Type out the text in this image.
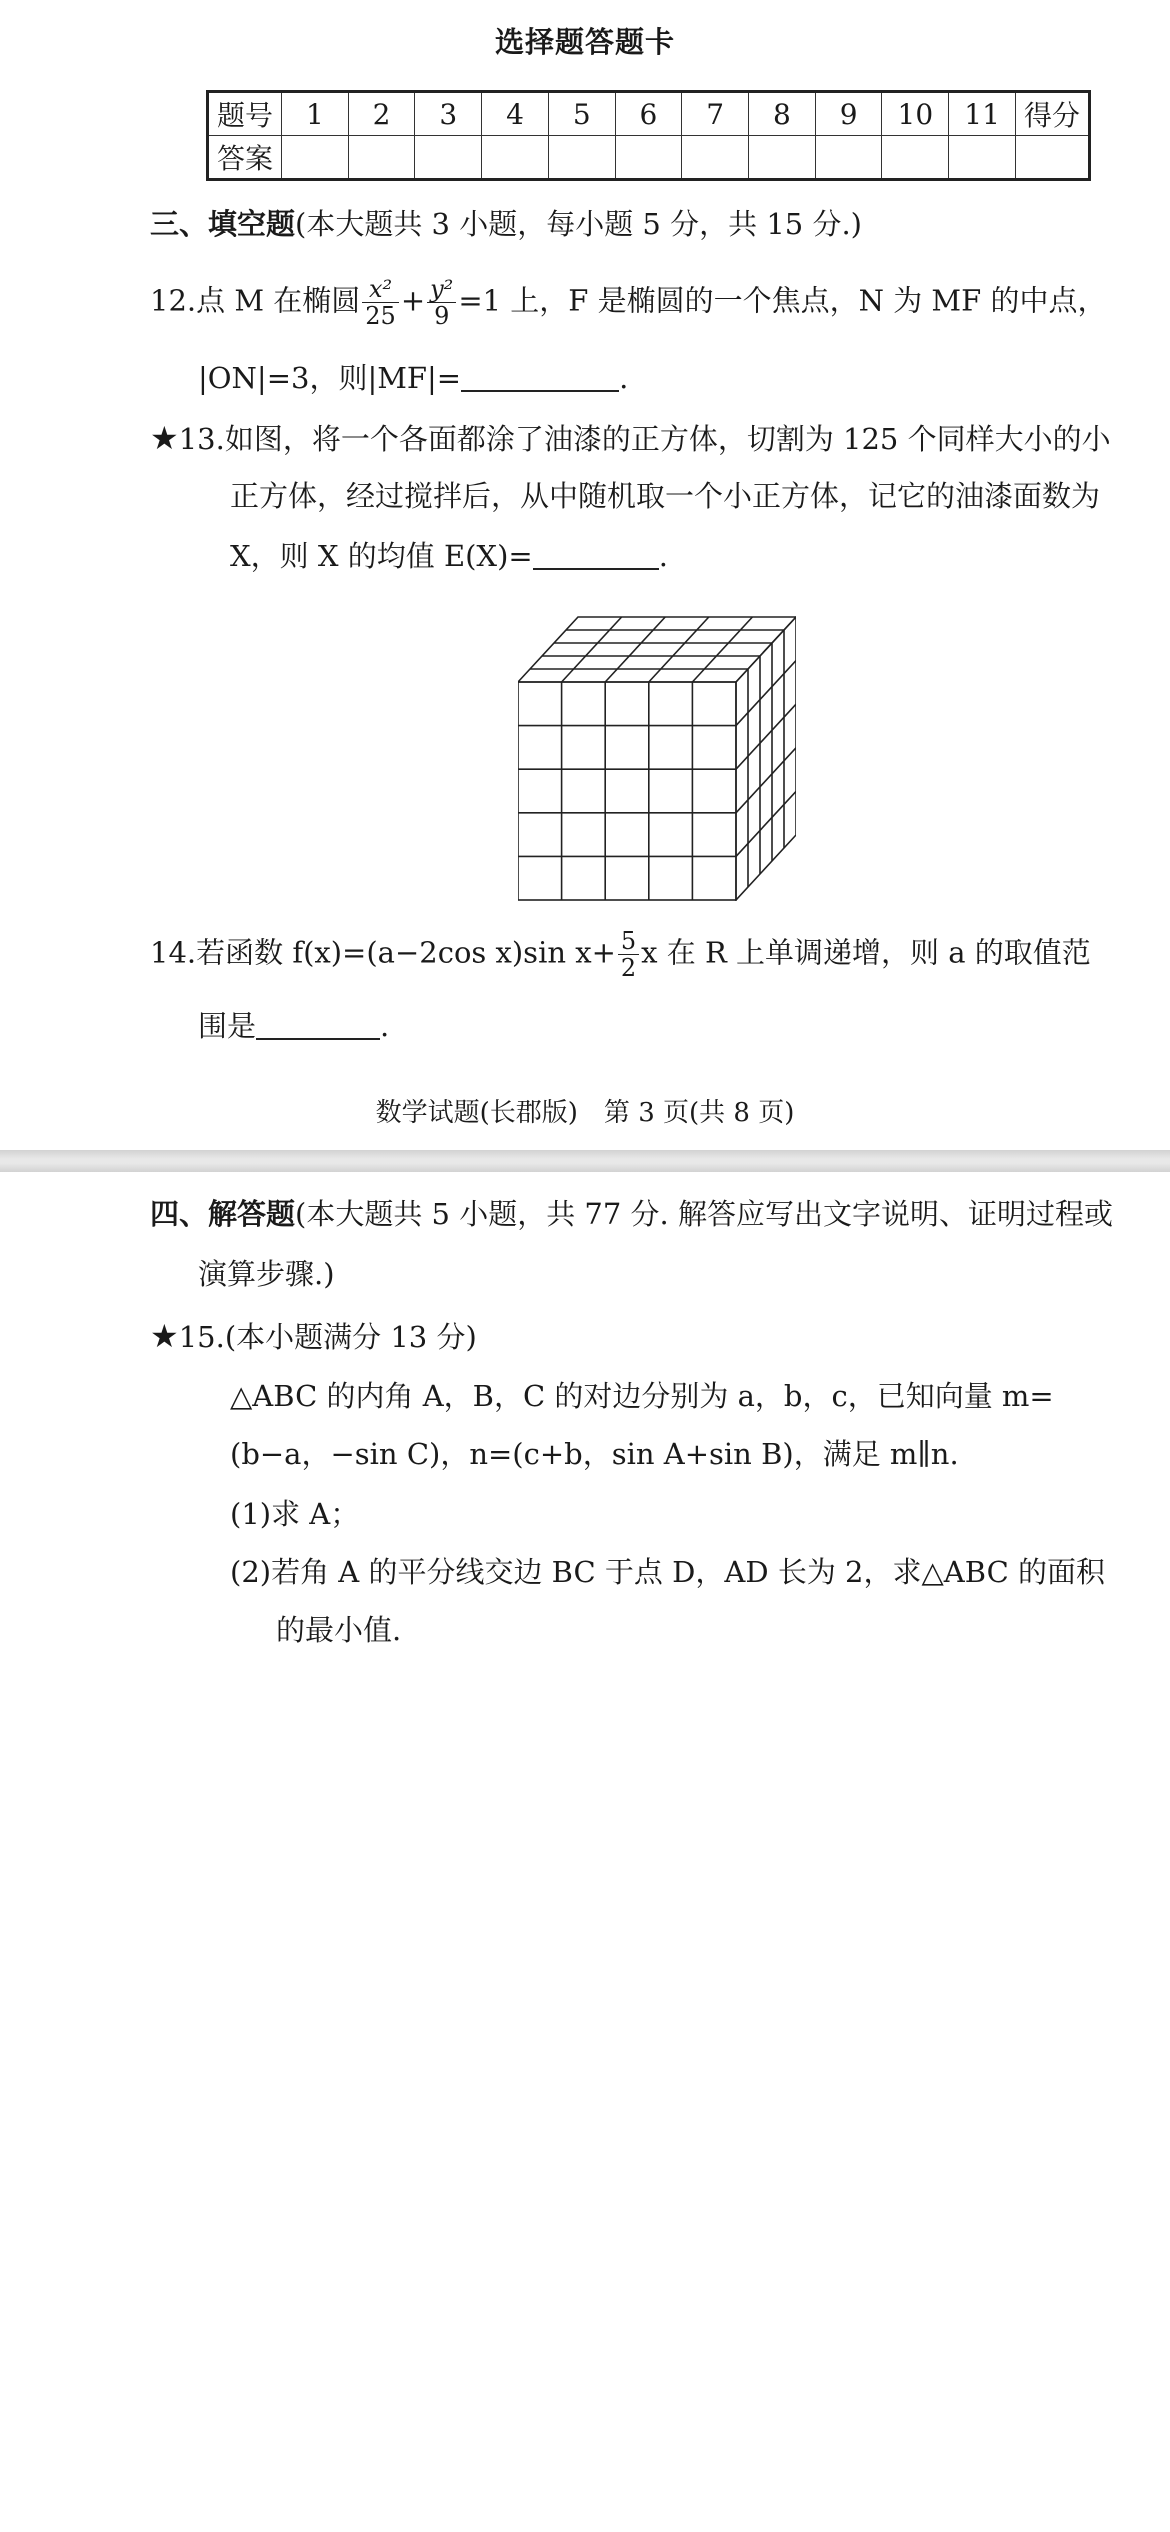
选择题答题卡
题号	1	2	3	4	5	6	7	8	9	10	11	得分
答案												
三、填空题(本大题共 3 小题，每小题 5 分，共 15 分.)
12.点 M 在椭圆 $\frac{\text{x²}}{25} + \frac{\text{y²}}{9} =1$ 上，F 是椭圆的一个焦点，N 为 MF 的中点，
|ON|=3，则|MF|=	.
★13.如图，将一个各面都涂了油漆的正方体，切割为 125 个同样大小的小
正方体，经过搅拌后，从中随机取一个小正方体，记它的油漆面数为
X，则 X 的均值 E(X)=	.
14.若函数 f(x)=(a−2cos x)sin $x+ \frac{5}{2}$ x 在 R 上单调递增，则 a 的取值范
围是	.
数学试题(长郡版)　第 3 页(共 8 页)
四、解答题(本大题共 5 小题，共 77 分. 解答应写出文字说明、证明过程或
演算步骤.)
★15.(本小题满分 13 分)
△ABC 的内角 A，B，C 的对边分别为 a，b，c，已知向量 m=
(b−a，−sin C)，n=(c+b，sin A+sin B)，满足 m∥n.
(1)求 A；
(2)若角 A 的平分线交边 BC 于点 D，AD 长为 2，求△ABC 的面积
的最小值.
